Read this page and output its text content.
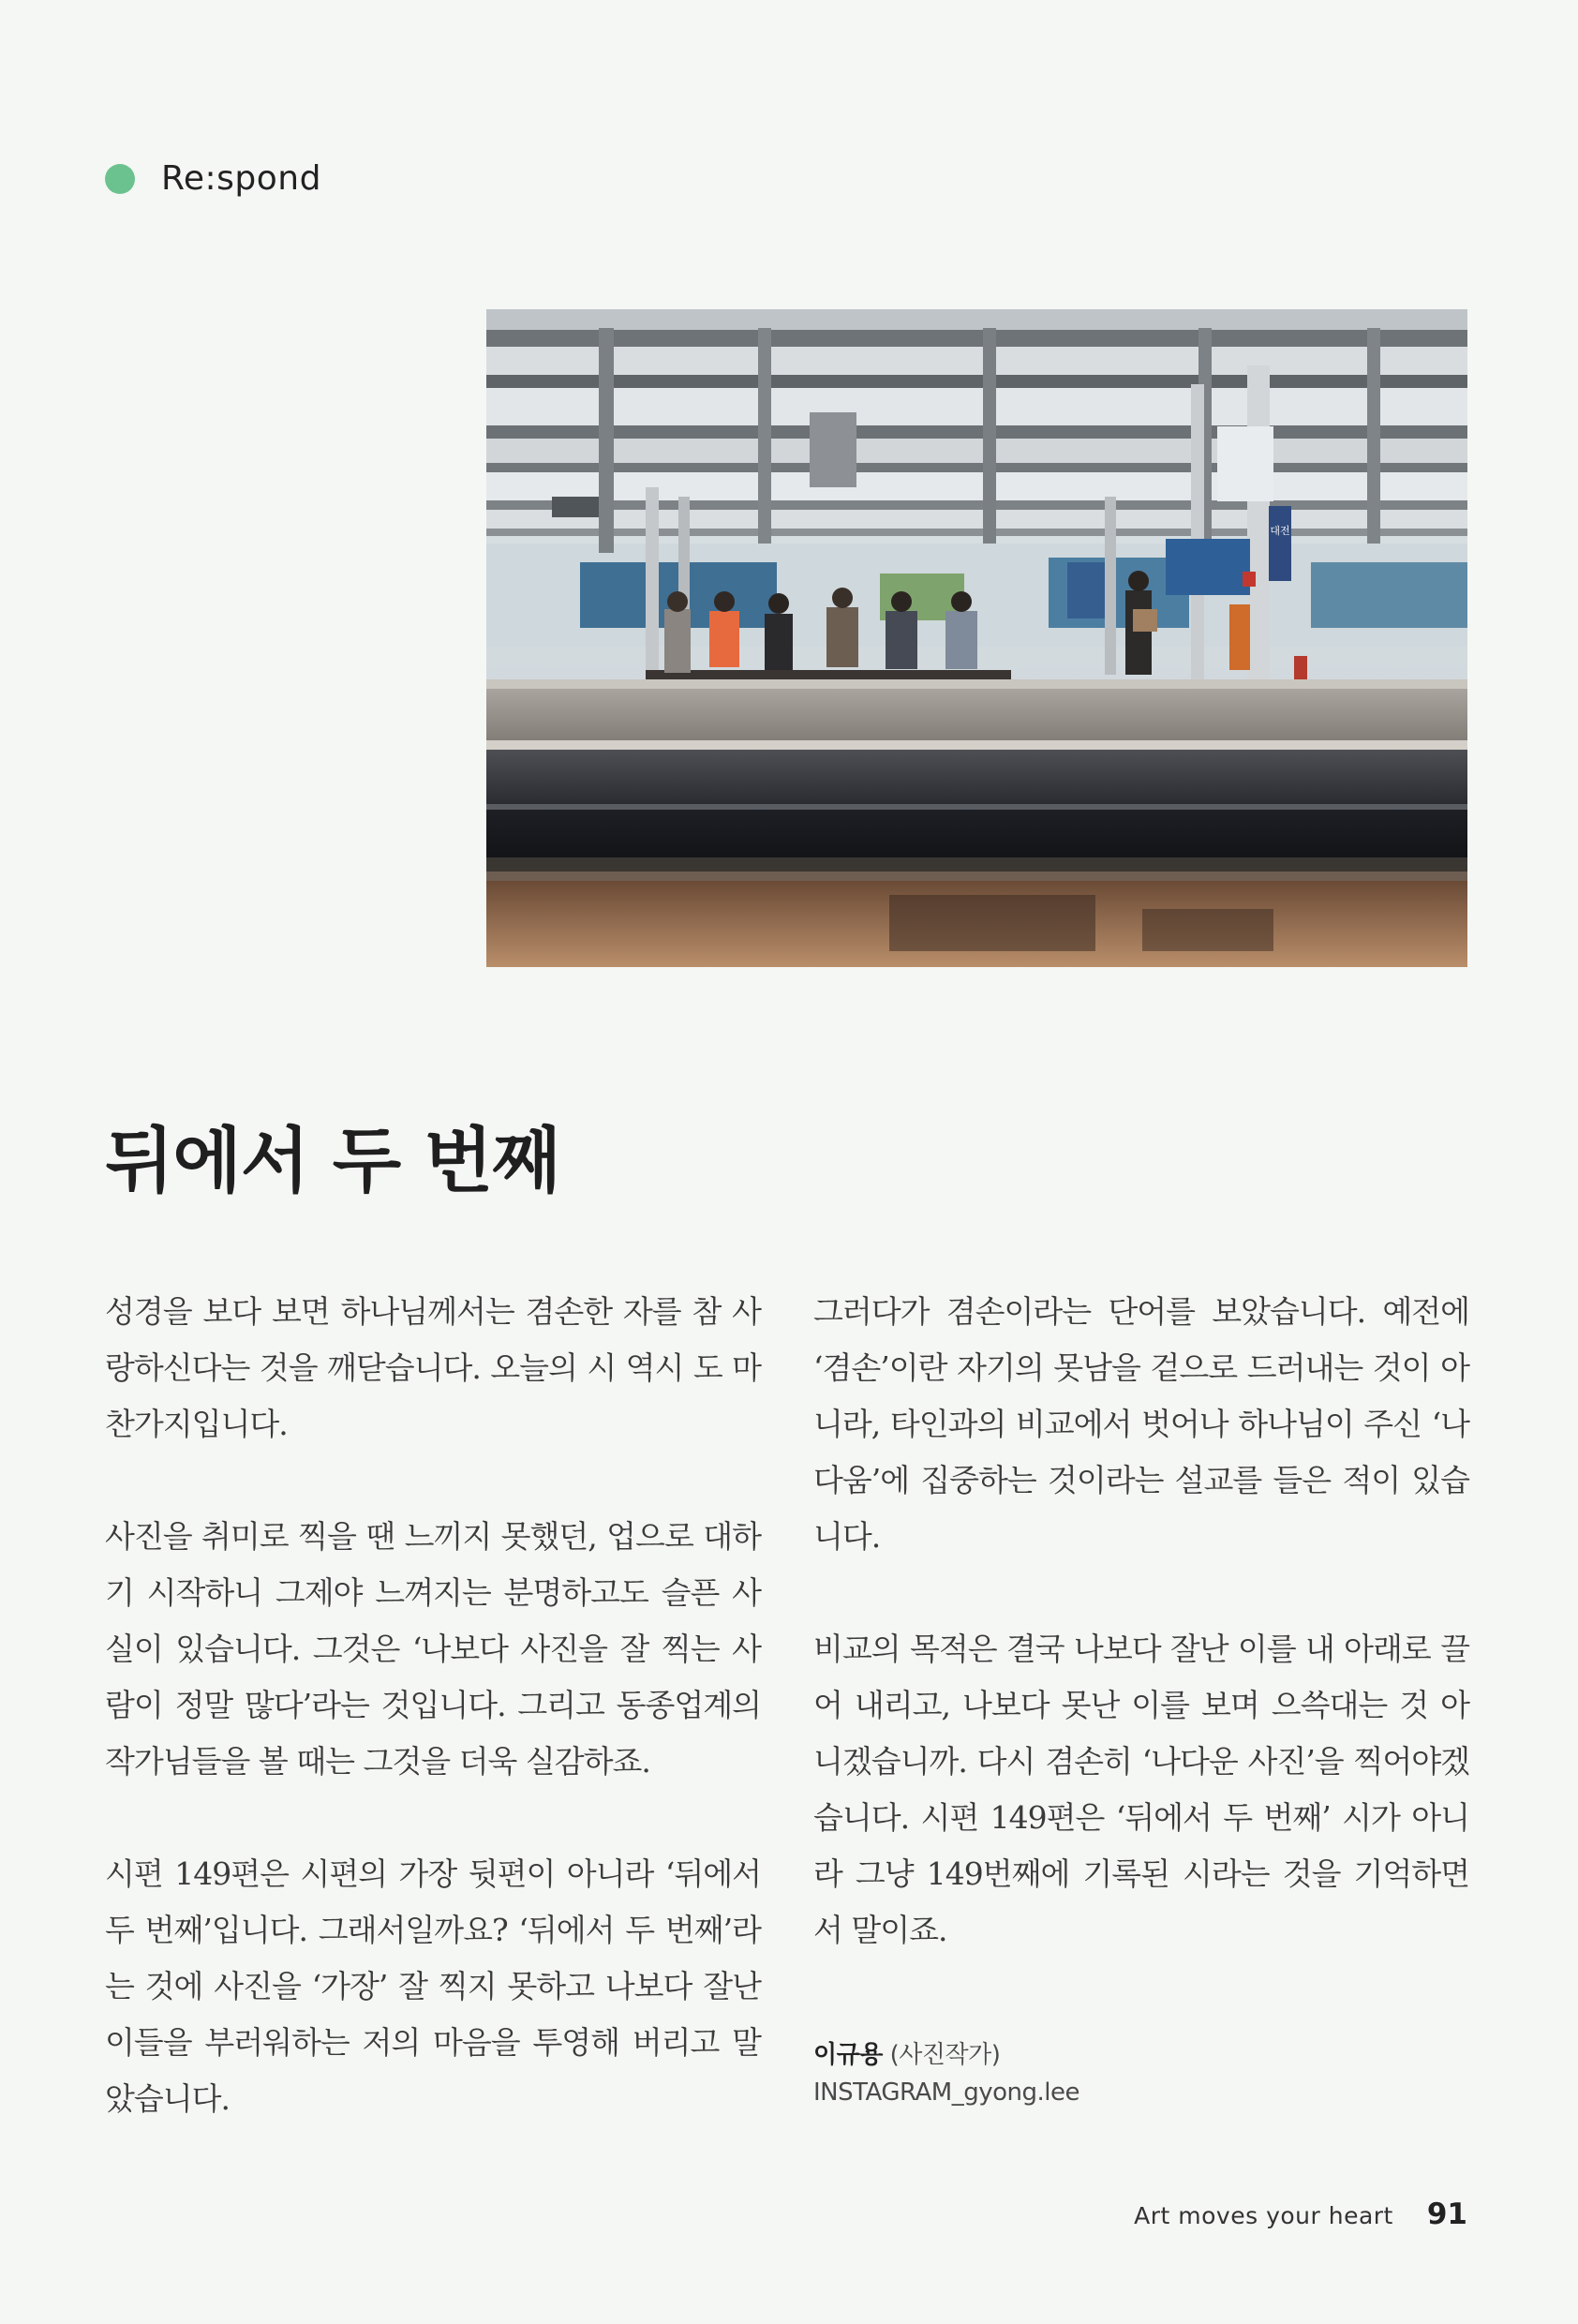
Re:spond
대전
뒤에서 두 번째

성경을 보다 보면 하나님께서는 겸손한 자를 참 사랑하신다는 것을 깨닫습니다. 오늘의 시 역시 도 마찬가지입니다.

사진을 취미로 찍을 땐 느끼지 못했던, 업으로 대하기 시작하니 그제야 느껴지는 분명하고도 슬픈 사실이 있습니다. 그것은 ‘나보다 사진을 잘 찍는 사람이 정말 많다’라는 것입니다. 그리고 동종업계의 작가님들을 볼 때는 그것을 더욱 실감하죠.

시편 149편은 시편의 가장 뒷편이 아니라 ‘뒤에서 두 번째’입니다. 그래서일까요? ‘뒤에서 두 번째’라는 것에 사진을 ‘가장’ 잘 찍지 못하고 나보다 잘난 이들을 부러워하는 저의 마음을 투영해 버리고 말았습니다.

그러다가 겸손이라는 단어를 보았습니다. 예전에 ‘겸손’이란 자기의 못남을 겉으로 드러내는 것이 아니라, 타인과의 비교에서 벗어나 하나님이 주신 ‘나다움’에 집중하는 것이라는 설교를 들은 적이 있습니다.

비교의 목적은 결국 나보다 잘난 이를 내 아래로 끌어 내리고, 나보다 못난 이를 보며 으쓱대는 것 아니겠습니까. 다시 겸손히 ‘나다운 사진’을 찍어야겠습니다. 시편 149편은 ‘뒤에서 두 번째’ 시가 아니라 그냥 149번째에 기록된 시라는 것을 기억하면서 말이죠.

이규용 (사진작가)
INSTAGRAM_gyong.lee
Art moves your heart 91
